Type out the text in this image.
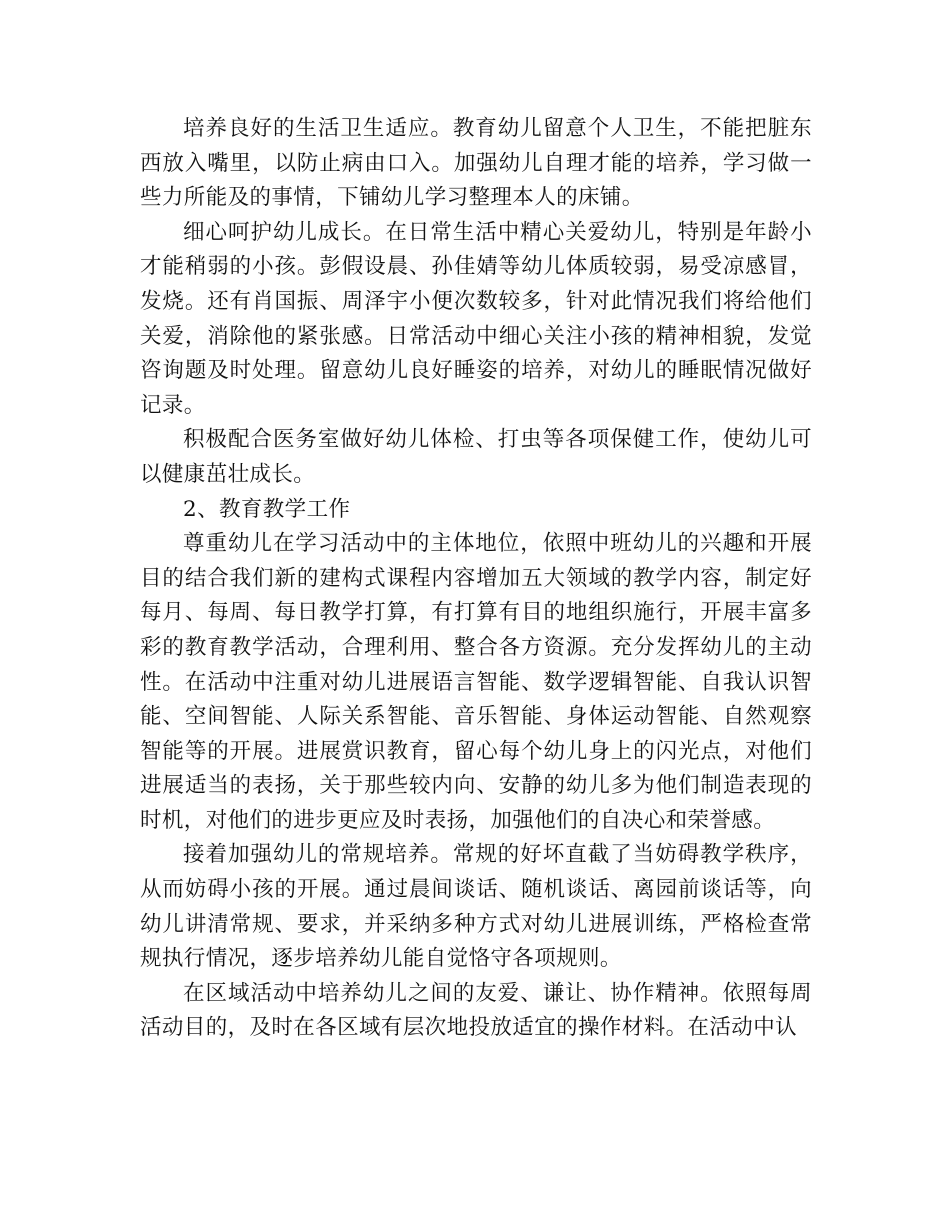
培养良好的生活卫生适应。教育幼儿留意个人卫生，不能把脏东西放入嘴里，以防止病由口入。加强幼儿自理才能的培养，学习做一些力所能及的事情，下铺幼儿学习整理本人的床铺。

细心呵护幼儿成长。在日常生活中精心关爱幼儿，特别是年龄小才能稍弱的小孩。彭假设晨、孙佳婧等幼儿体质较弱，易受凉感冒，发烧。还有肖国振、周泽宇小便次数较多，针对此情况我们将给他们关爱，消除他的紧张感。日常活动中细心关注小孩的精神相貌，发觉咨询题及时处理。留意幼儿良好睡姿的培养，对幼儿的睡眠情况做好记录。

积极配合医务室做好幼儿体检、打虫等各项保健工作，使幼儿可以健康茁壮成长。

2、教育教学工作

尊重幼儿在学习活动中的主体地位，依照中班幼儿的兴趣和开展目的结合我们新的建构式课程内容增加五大领域的教学内容，制定好每月、每周、每日教学打算，有打算有目的地组织施行，开展丰富多彩的教育教学活动，合理利用、整合各方资源。充分发挥幼儿的主动性。在活动中注重对幼儿进展语言智能、数学逻辑智能、自我认识智能、空间智能、人际关系智能、音乐智能、身体运动智能、自然观察智能等的开展。进展赏识教育，留心每个幼儿身上的闪光点，对他们进展适当的表扬，关于那些较内向、安静的幼儿多为他们制造表现的时机，对他们的进步更应及时表扬，加强他们的自决心和荣誉感。

接着加强幼儿的常规培养。常规的好坏直截了当妨碍教学秩序，从而妨碍小孩的开展。通过晨间谈话、随机谈话、离园前谈话等，向幼儿讲清常规、要求，并采纳多种方式对幼儿进展训练，严格检查常规执行情况，逐步培养幼儿能自觉恪守各项规则。

在区域活动中培养幼儿之间的友爱、谦让、协作精神。依照每周活动目的，及时在各区域有层次地投放适宜的操作材料。在活动中认
